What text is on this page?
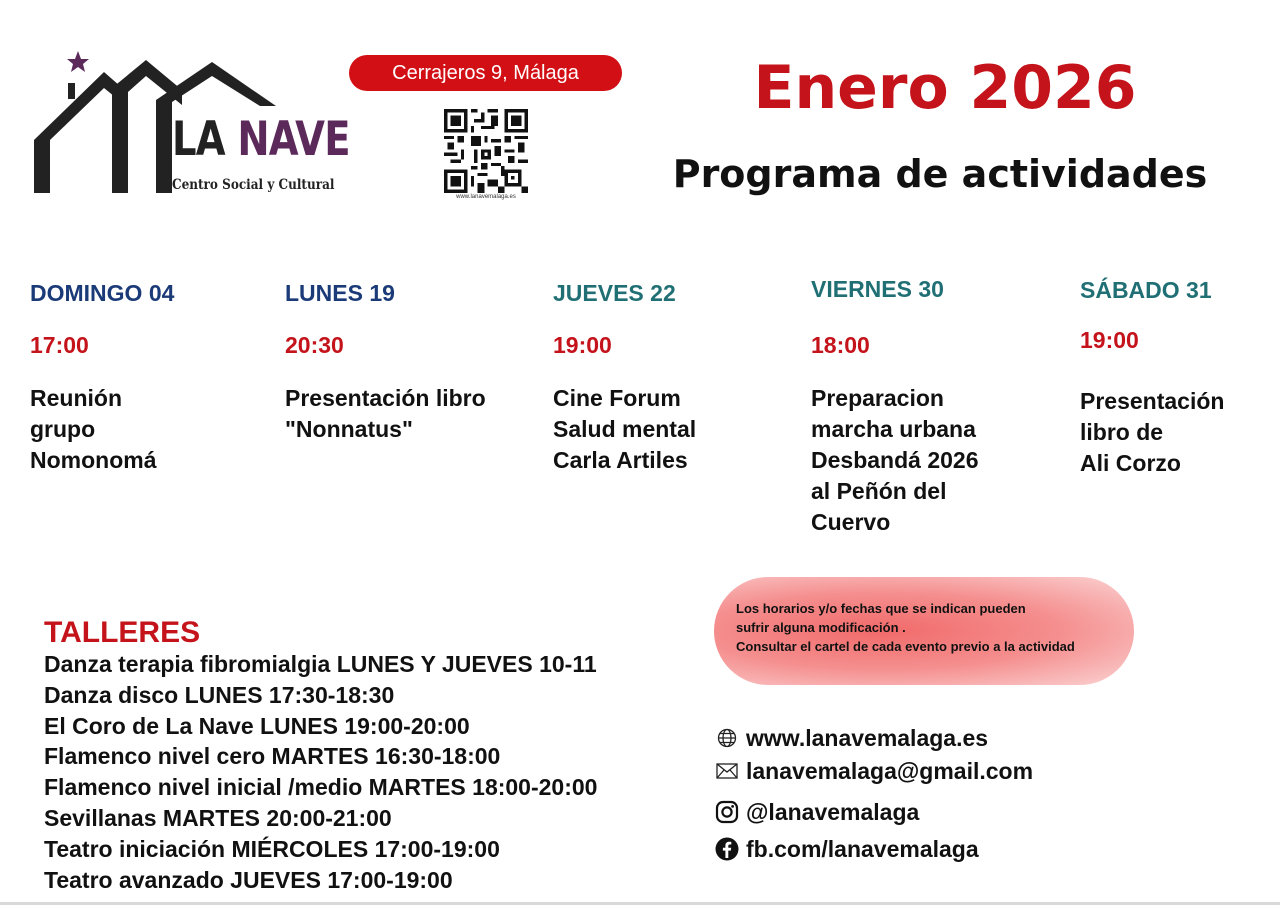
LA NAVE
Centro Social y Cultural
Cerrajeros 9, Málaga
www.lanavemalaga.es
Enero 2026
Programa de actividades
DOMINGO 04
17:00
Reunión
grupo
Nomonomá
LUNES 19
20:30
Presentación libro
"Nonnatus"
JUEVES 22
19:00
Cine Forum
Salud mental
Carla Artiles
VIERNES 30
18:00
Preparacion
marcha urbana
Desbandá 2026
al Peñón del
Cuervo
SÁBADO 31
19:00
Presentación
libro de
Ali Corzo
TALLERES
Danza terapia fibromialgia LUNES Y JUEVES 10-11
Danza disco LUNES 17:30-18:30
El Coro de La Nave LUNES 19:00-20:00
Flamenco nivel cero MARTES 16:30-18:00
Flamenco nivel inicial /medio MARTES 18:00-20:00
Sevillanas MARTES 20:00-21:00
Teatro iniciación MIÉRCOLES 17:00-19:00
Teatro avanzado JUEVES 17:00-19:00
Los horarios y/o fechas que se indican pueden
sufrir alguna modificación .
Consultar el cartel de cada evento previo a la actividad
www.lanavemalaga.es
lanavemalaga@gmail.com
@lanavemalaga
fb.com/lanavemalaga
